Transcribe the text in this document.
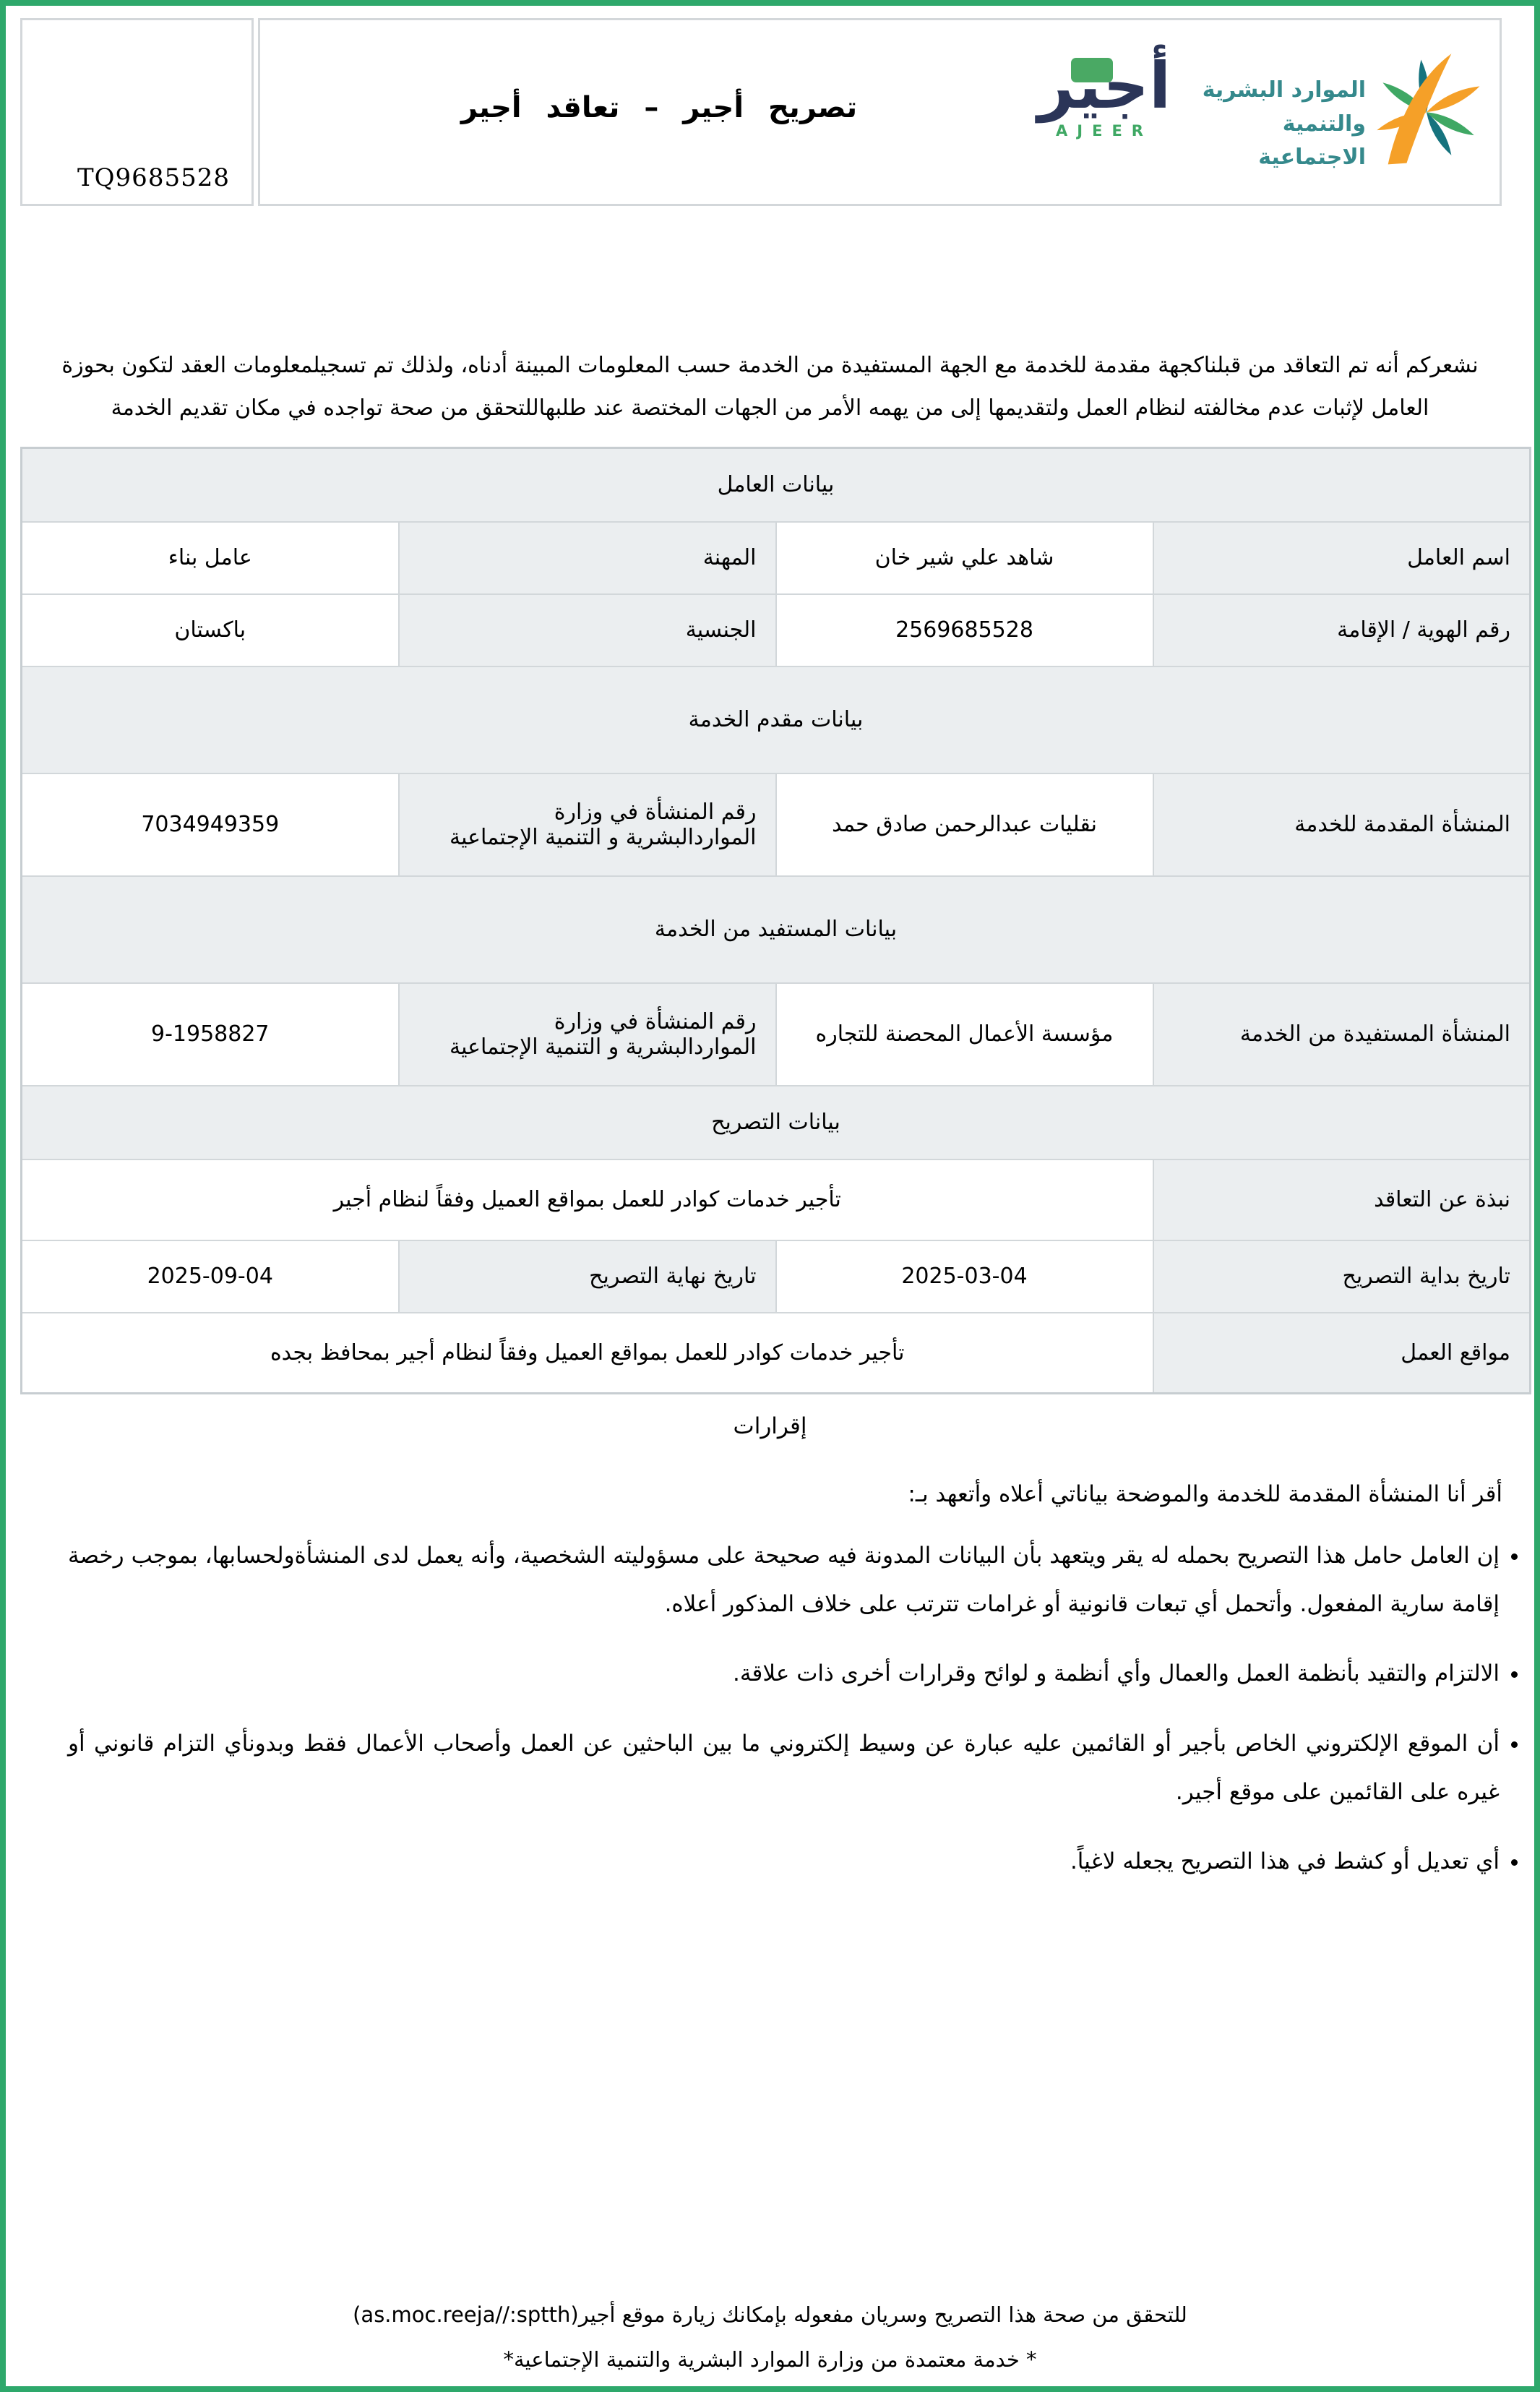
TQ9685528
تصريح أجير – تعاقد أجير	أجير
AJEER
الموارد البشرية
والتنمية الاجتماعية
نشعركم أنه تم التعاقد من قبلناكجهة مقدمة للخدمة مع الجهة المستفيدة من الخدمة حسب المعلومات المبينة أدناه، ولذلك تم تسجيلمعلومات العقد لتكون بحوزة العامل لإثبات عدم مخالفته لنظام العمل ولتقديمها إلى من يهمه الأمر من الجهات المختصة عند طلبهاللتحقق من صحة تواجده في مكان تقديم الخدمة
بيانات العامل			
اسم العامل	شاهد علي شير خان	المهنة	عامل بناء
رقم الهوية / الإقامة	2569685528	الجنسية	باكستان
بيانات مقدم الخدمة			
المنشأة المقدمة للخدمة	نقليات عبدالرحمن صادق حمد	رقم المنشأة في وزارة المواردالبشرية و التنمية الإجتماعية	7034949359
بيانات المستفيد من الخدمة			
المنشأة المستفيدة من الخدمة	مؤسسة الأعمال المحصنة للتجاره	رقم المنشأة في وزارة المواردالبشرية و التنمية الإجتماعية	9-1958827
بيانات التصريح			
نبذة عن التعاقد	تأجير خدمات كوادر للعمل بمواقع العميل وفقاً لنظام أجير		
تاريخ بداية التصريح	2025-03-04	تاريخ نهاية التصريح	2025-09-04
مواقع العمل	تأجير خدمات كوادر للعمل بمواقع العميل وفقاً لنظام أجير بمحافظ بجده		
إقرارات
أقر أنا المنشأة المقدمة للخدمة والموضحة بياناتي أعلاه وأتعهد بـ:
• إن العامل حامل هذا التصريح بحمله له يقر ويتعهد بأن البيانات المدونة فيه صحيحة على مسؤوليته الشخصية، وأنه يعمل لدى المنشأةولحسابها، بموجب رخصة إقامة سارية المفعول. وأتحمل أي تبعات قانونية أو غرامات تترتب على خلاف المذكور أعلاه.
• الالتزام والتقيد بأنظمة العمل والعمال وأي أنظمة و لوائح وقرارات أخرى ذات علاقة.
• أن الموقع الإلكتروني الخاص بأجير أو القائمين عليه عبارة عن وسيط إلكتروني ما بين الباحثين عن العمل وأصحاب الأعمال فقط وبدونأي التزام قانوني أو غيره على القائمين على موقع أجير.
• أي تعديل أو كشط في هذا التصريح يجعله لاغياً.
للتحقق من صحة هذا التصريح وسريان مفعوله بإمكانك زيارة موقع أجير(as.moc.reeja//:sptth)
* خدمة معتمدة من وزارة الموارد البشرية والتنمية الإجتماعية*
